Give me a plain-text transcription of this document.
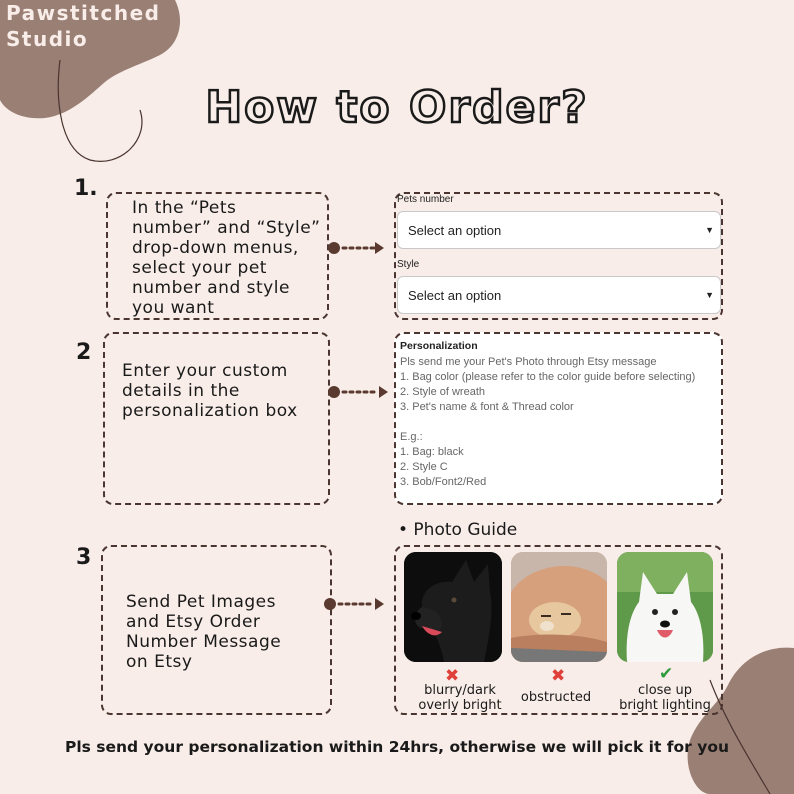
Pawstitched
Studio
How to Order?
1.
In the “Pets
number” and “Style”
drop-down menus,
select your pet
number and style
you want
Pets number
Select an option	▼
Style
Select an option	▼
2
Enter your custom
details in the
personalization box
Personalization
Pls send me your Pet's Photo through Etsy message
1. Bag color (please refer to the color guide before selecting)
2. Style of wreath
3. Pet's name & font & Thread color
E.g.:
1. Bag: black
2. Style C
3. Bob/Font2/Red
3
Send Pet Images
and Etsy Order
Number Message
on Etsy
• Photo Guide
✖
blurry/dark
overly bright
✖
obstructed
✔
close up
bright lighting
Pls send your personalization within 24hrs, otherwise we will pick it for you
